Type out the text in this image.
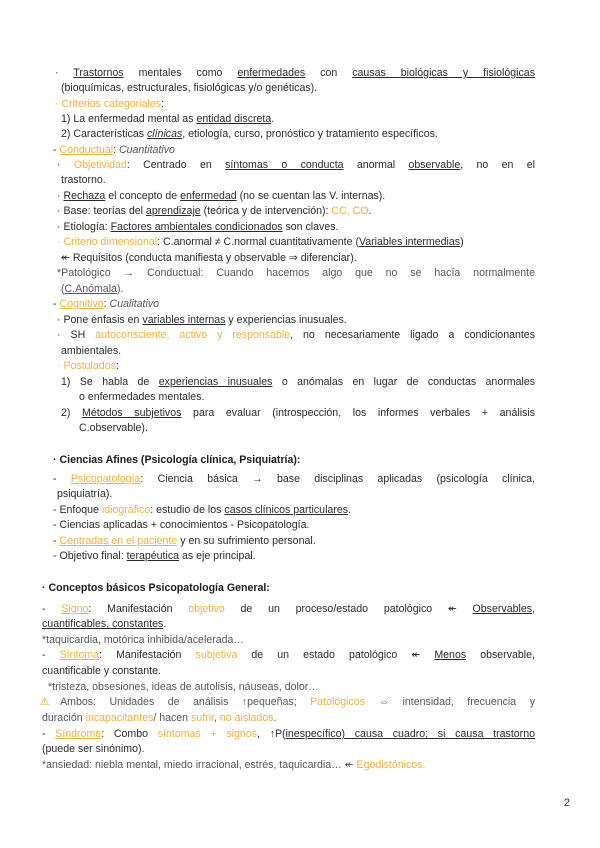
· Trastornos mentales como enfermedades con causas biológicas y fisiológicas
(bioquímicas, estructurales, fisiológicas y/o genéticas).
· Criterios categoriales:
1) La enfermedad mental as entidad discreta.
2) Características clínicas, etiología, curso, pronóstico y tratamiento específicos.
- Conductual: Cuantitativo
· Objetividad: Centrado en síntomas o conducta anormal observable, no en el
trastorno.
· Rechaza el concepto de enfermedad (no se cuentan las V. internas).
· Base: teorías del aprendizaje (teórica y de intervención): CC, CO.
· Etiología: Factores ambientales condicionados son claves.
· Criterio dimensional: C.anormal ≠ C.normal cuantitativamente (Variables intermedias)
↞ Requisitos (conducta manifiesta y observable ⇒ diferenciar).
*Patológico → Conductual: Cuando hacemos algo que no se hacía normalmente
(C.Anómala).
- Cognitivo: Cualitativo
· Pone énfasis en variables internas y experiencias inusuales.
· SH autoconsciente, activo y responsable, no necesariamente ligado a condicionantes
ambientales.
· Postulados:
1) Se habla de experiencias inusuales o anómalas en lugar de conductas anormales
o enfermedades mentales.
2) Métodos subjetivos para evaluar (introspección, los informes verbales + análisis
C.observable).
· Ciencias Afines (Psicología clínica, Psiquiatría):
- Psicopatología: Ciencia básica → base disciplinas aplicadas (psicología clínica,
psiquiatría).
- Enfoque idiográfico: estudio de los casos clínicos particulares.
- Ciencias aplicadas + conocimientos - Psicopatología.
- Centradas en el paciente y en su sufrimiento personal.
- Objetivo final: terapéutica as eje principal.
· Conceptos básicos Psicopatología General:
- Signo: Manifestación objetivo de un proceso/estado patológico ↞ Observables,
cuantificables, constantes.
*taquicardia, motórica inhibida/acelerada…
- Síntoma: Manifestación subjetiva de un estado patológico ↞ Menos observable,
cuantificable y constante.
*tristeza, obsesiones, ideas de autolisis, náuseas, dolor…
⚠Ambos: Unidades de análisis ↑pequeñas; Patológicos ⇔ intensidad, frecuencia y
duración incapacitantes/ hacen sufrir, no aislados.
- Síndrome: Combo síntomas + signos, ↑P(inespecífico) causa cuadro; si causa trastorno
(puede ser sinónimo).
*ansiedad: niebla mental, miedo irracional, estrés, taquicardia… ↞ Egodistónicos.
2
